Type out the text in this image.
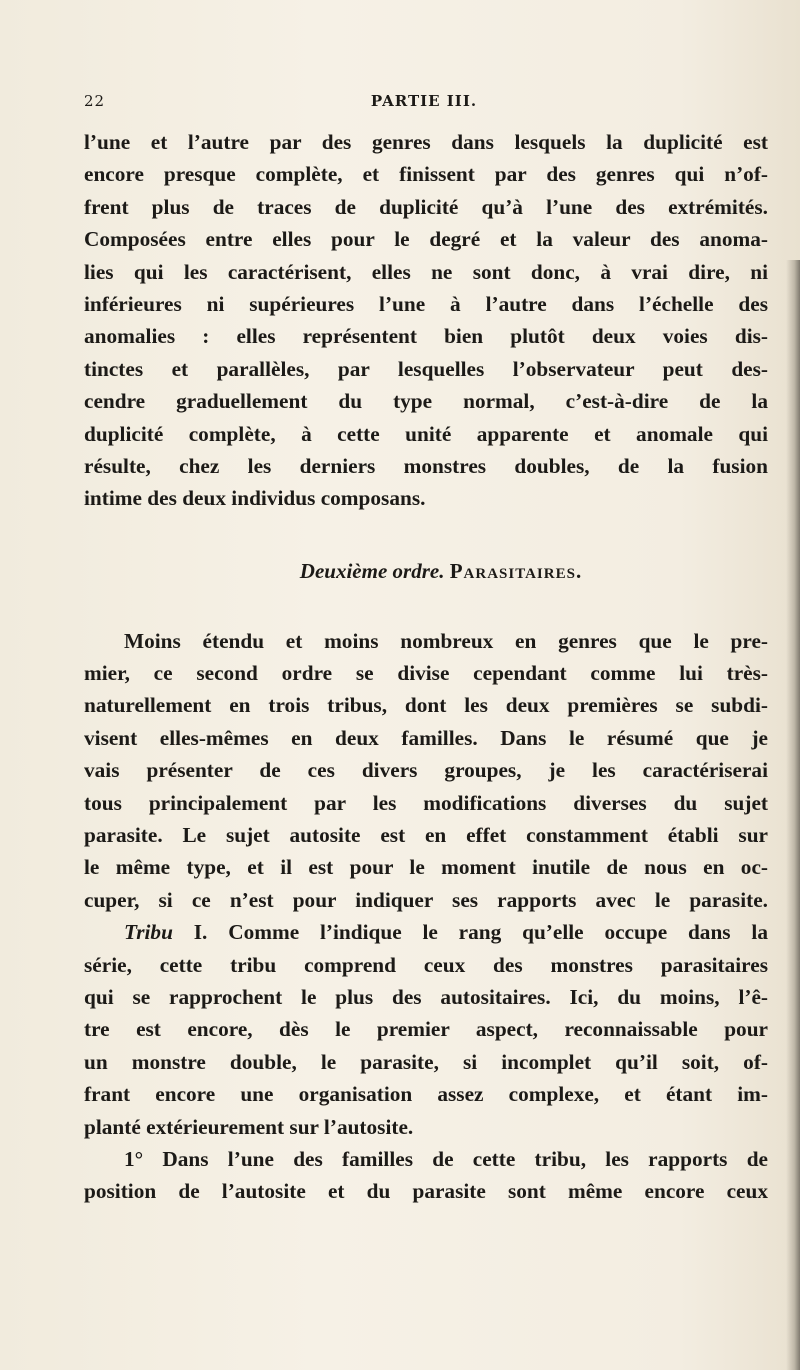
22	PARTIE III.
l’une et l’autre par des genres dans lesquels la duplicité est
encore presque complète, et finissent par des genres qui n’of-
frent plus de traces de duplicité qu’à l’une des extrémités.
Composées entre elles pour le degré et la valeur des anoma-
lies qui les caractérisent, elles ne sont donc, à vrai dire, ni
inférieures ni supérieures l’une à l’autre dans l’échelle des
anomalies : elles représentent bien plutôt deux voies dis-
tinctes et parallèles, par lesquelles l’observateur peut des-
cendre graduellement du type normal, c’est-à-dire de la
duplicité complète, à cette unité apparente et anomale qui
résulte, chez les derniers monstres doubles, de la fusion
intime des deux individus composans.
Deuxième ordre. Parasitaires.
Moins étendu et moins nombreux en genres que le pre-
mier, ce second ordre se divise cependant comme lui très-
naturellement en trois tribus, dont les deux premières se subdi-
visent elles-mêmes en deux familles. Dans le résumé que je
vais présenter de ces divers groupes, je les caractériserai
tous principalement par les modifications diverses du sujet
parasite. Le sujet autosite est en effet constamment établi sur
le même type, et il est pour le moment inutile de nous en oc-
cuper, si ce n’est pour indiquer ses rapports avec le parasite.
Tribu I. Comme l’indique le rang qu’elle occupe dans la
série, cette tribu comprend ceux des monstres parasitaires
qui se rapprochent le plus des autositaires. Ici, du moins, l’ê-
tre est encore, dès le premier aspect, reconnaissable pour
un monstre double, le parasite, si incomplet qu’il soit, of-
frant encore une organisation assez complexe, et étant im-
planté extérieurement sur l’autosite.
1° Dans l’une des familles de cette tribu, les rapports de
position de l’autosite et du parasite sont même encore ceux
